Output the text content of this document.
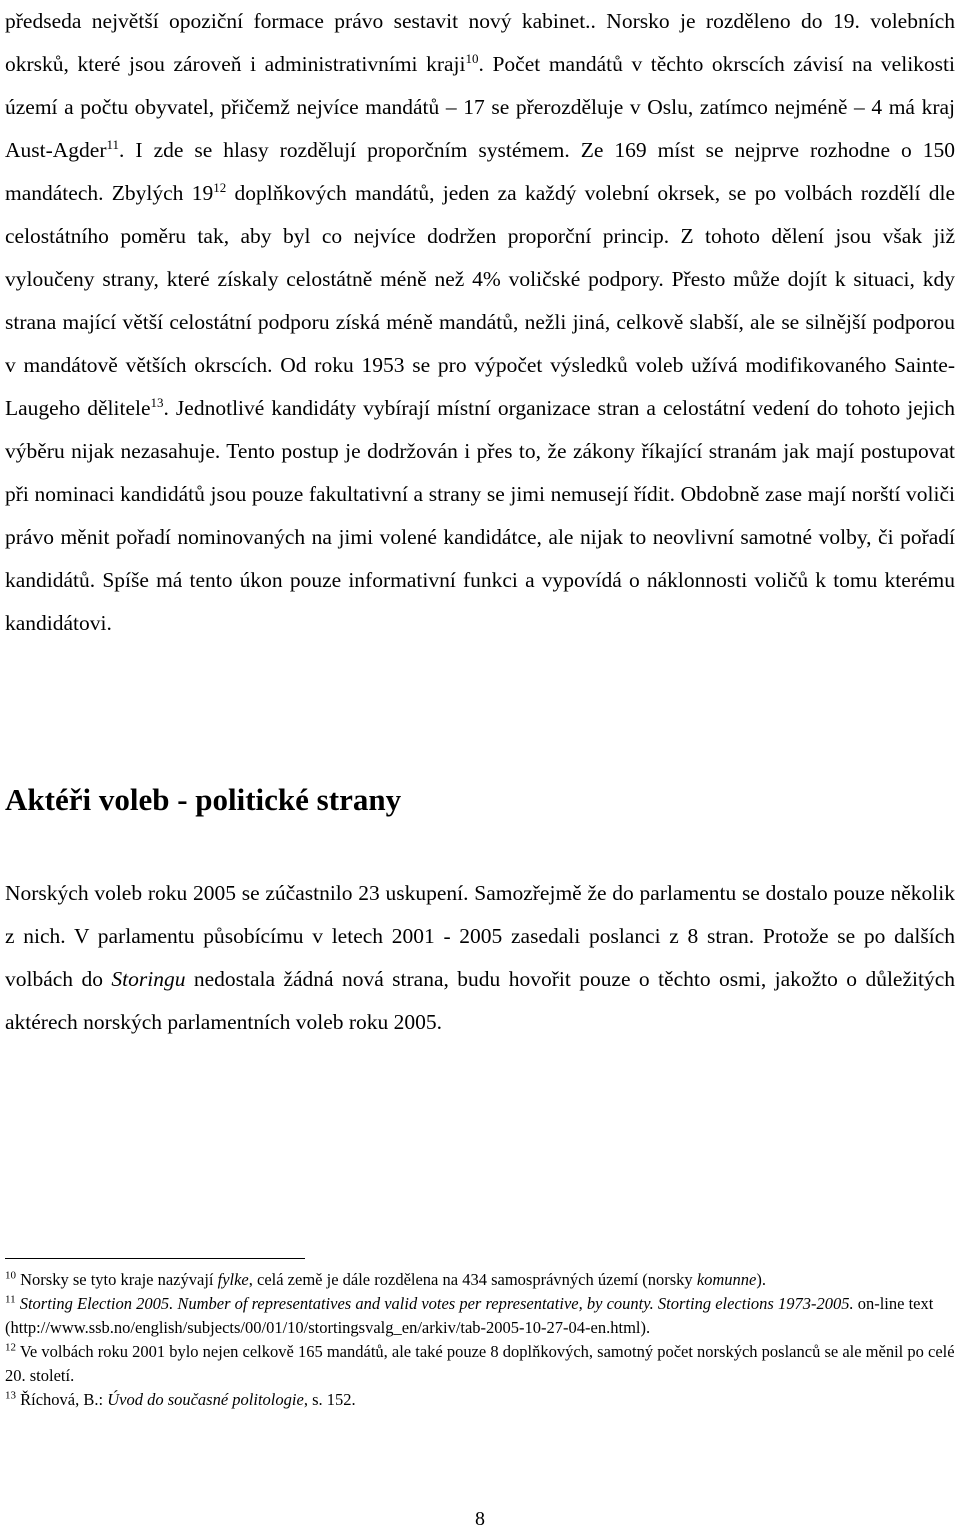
předseda největší opoziční formace právo sestavit nový kabinet.. Norsko je rozděleno do 19. volebních okrsků, které jsou zároveň i administrativními kraji$^{10}$. Počet mandátů v těchto okrscích závisí na velikosti území a počtu obyvatel, přičemž nejvíce mandátů – 17 se přerozděluje v Oslu, zatímco nejméně – 4 má kraj Aust-Agder$^{11}$. I zde se hlasy rozdělují proporčním systémem. Ze 169 míst se nejprve rozhodne o 150 mandátech. Zbylých $19^{12}$ doplňkových mandátů, jeden za každý volební okrsek, se po volbách rozdělí dle celostátního poměru tak, aby byl co nejvíce dodržen proporční princip. Z tohoto dělení jsou však již vyloučeny strany, které získaly celostátně méně než 4% voličské podpory. Přesto může dojít k situaci, kdy strana mající větší celostátní podporu získá méně mandátů, nežli jiná, celkově slabší, ale se silnější podporou v mandátově větších okrscích. Od roku 1953 se pro výpočet výsledků voleb užívá modifikovaného Sainte-Laugeho dělitele$^{13}$. Jednotlivé kandidáty vybírají místní organizace stran a celostátní vedení do tohoto jejich výběru nijak nezasahuje. Tento postup je dodržován i přes to, že zákony říkající stranám jak mají postupovat při nominaci kandidátů jsou pouze fakultativní a strany se jimi nemusejí řídit. Obdobně zase mají norští voliči právo měnit pořadí nominovaných na jimi volené kandidátce, ale nijak to neovlivní samotné volby, či pořadí kandidátů. Spíše má tento úkon pouze informativní funkci a vypovídá o náklonnosti voličů k tomu kterému kandidátovi.

Aktéři voleb - politické strany

Norských voleb roku 2005 se zúčastnilo 23 uskupení. Samozřejmě že do parlamentu se dostalo pouze několik z nich. V parlamentu působícímu v letech 2001 - 2005 zasedali poslanci z 8 stran. Protože se po dalších volbách do Storingu nedostala žádná nová strana, budu hovořit pouze o těchto osmi, jakožto o důležitých aktérech norských parlamentních voleb roku 2005.

$^{10}$ Norsky se tyto kraje nazývají fylke, celá země je dále rozdělena na 434 samosprávných území (norsky komunne).

$^{11}$ Storting Election 2005. Number of representatives and valid votes per representative, by county. Storting elections 1973-2005. on-line text (http://www.ssb.no/english/subjects/00/01/10/stortingsvalg_en/arkiv/tab-2005-10-27-04-en.html).

$^{12}$ Ve volbách roku 2001 bylo nejen celkově 165 mandátů, ale také pouze 8 doplňkových, samotný počet norských poslanců se ale měnil po celé 20. století.

$^{13}$ Říchová, B.: Úvod do současné politologie, s. 152.

8
